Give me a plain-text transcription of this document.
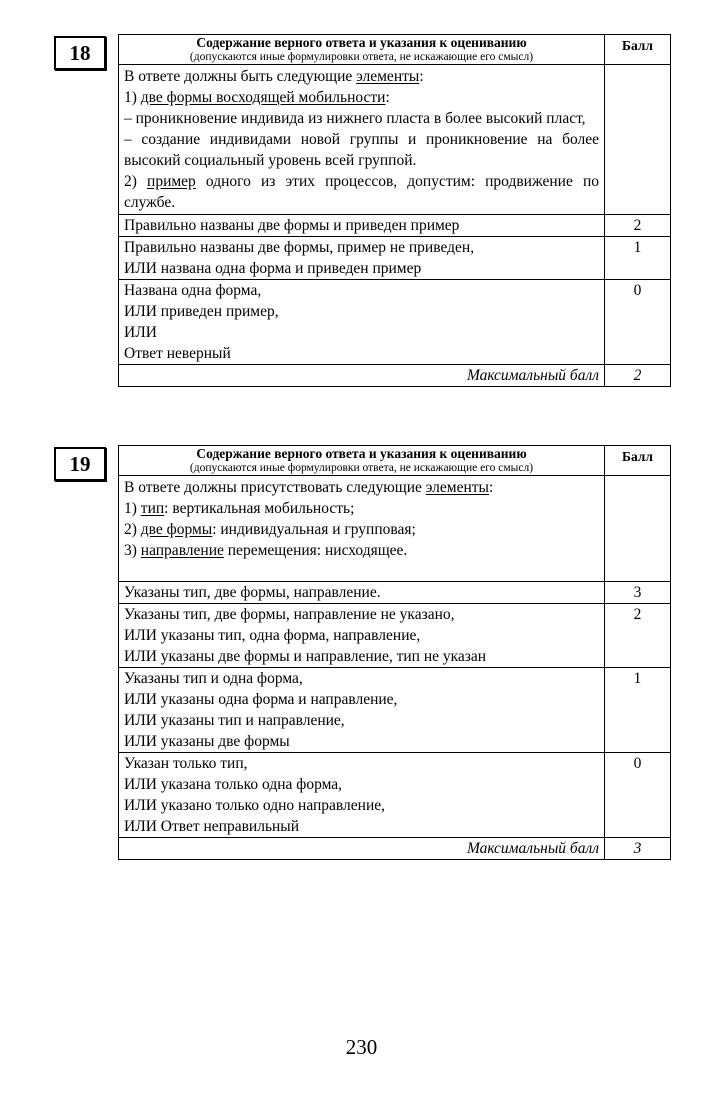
18	Содержание верного ответа и указания к оцениванию
(допускаются иные формулировки ответа, не искажающие его смысл)	Балл

В ответе должны быть следующие элементы:
1) две формы восходящей мобильности:
– проникновение индивида из нижнего пласта в более высокий пласт,
– создание индивидами новой группы и проникновение на более высокий социальный уровень всей группой.
2) пример одного из этих процессов, допустим: продвижение по службе.	

Правильно названы две формы и приведен пример	2

Правильно названы две формы, пример не приведен,
ИЛИ названа одна форма и приведен пример	1

Названа одна форма,
ИЛИ приведен пример,
ИЛИ
Ответ неверный	0
Максимальный балл	2
19	Содержание верного ответа и указания к оцениванию
(допускаются иные формулировки ответа, не искажающие его смысл)	Балл

В ответе должны присутствовать следующие элементы:
1) тип: вертикальная мобильность;
2) две формы: индивидуальная и групповая;
3) направление перемещения: нисходящее.	

Указаны тип, две формы, направление.	3

Указаны тип, две формы, направление не указано,
ИЛИ указаны тип, одна форма, направление,
ИЛИ указаны две формы и направление, тип не указан	2

Указаны тип и одна форма,
ИЛИ указаны одна форма и направление,
ИЛИ указаны тип и направление,
ИЛИ указаны две формы	1

Указан только тип,
ИЛИ указана только одна форма,
ИЛИ указано только одно направление,
ИЛИ Ответ неправильный	0
Максимальный балл	3
230
